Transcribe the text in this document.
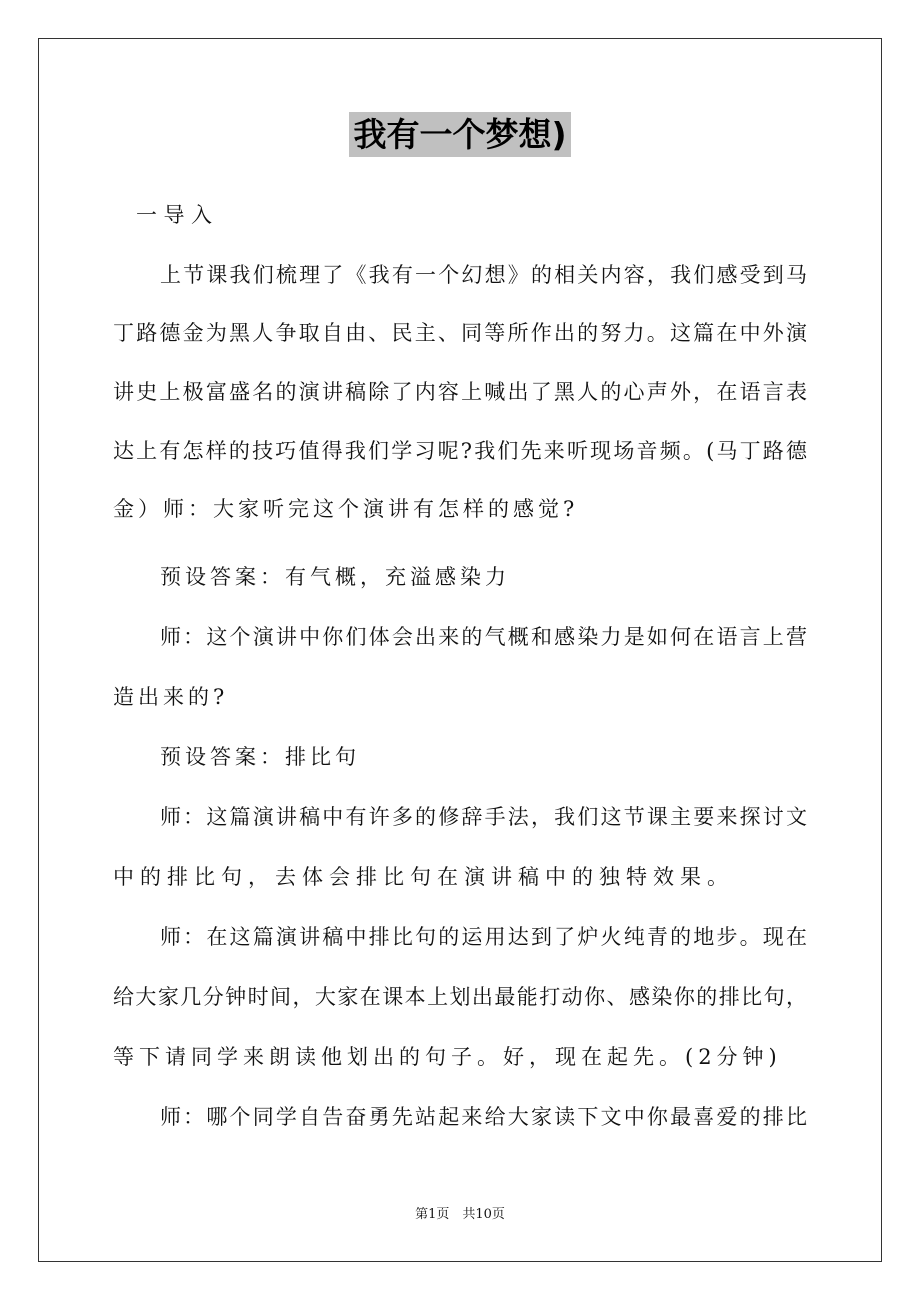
我有一个梦想)
一导入
上节课我们梳理了《我有一个幻想》的相关内容，我们感受到马
丁路德金为黑人争取自由、民主、同等所作出的努力。这篇在中外演
讲史上极富盛名的演讲稿除了内容上喊出了黑人的心声外，在语言表
达上有怎样的技巧值得我们学习呢?我们先来听现场音频。(马丁路德
金）师：大家听完这个演讲有怎样的感觉?
预设答案：有气概，充溢感染力
师：这个演讲中你们体会出来的气概和感染力是如何在语言上营
造出来的?
预设答案：排比句
师：这篇演讲稿中有许多的修辞手法，我们这节课主要来探讨文
中的排比句，去体会排比句在演讲稿中的独特效果。
师：在这篇演讲稿中排比句的运用达到了炉火纯青的地步。现在
给大家几分钟时间，大家在课本上划出最能打动你、感染你的排比句，
等下请同学来朗读他划出的句子。好，现在起先。(2分钟)
师：哪个同学自告奋勇先站起来给大家读下文中你最喜爱的排比
第1页　共10页
